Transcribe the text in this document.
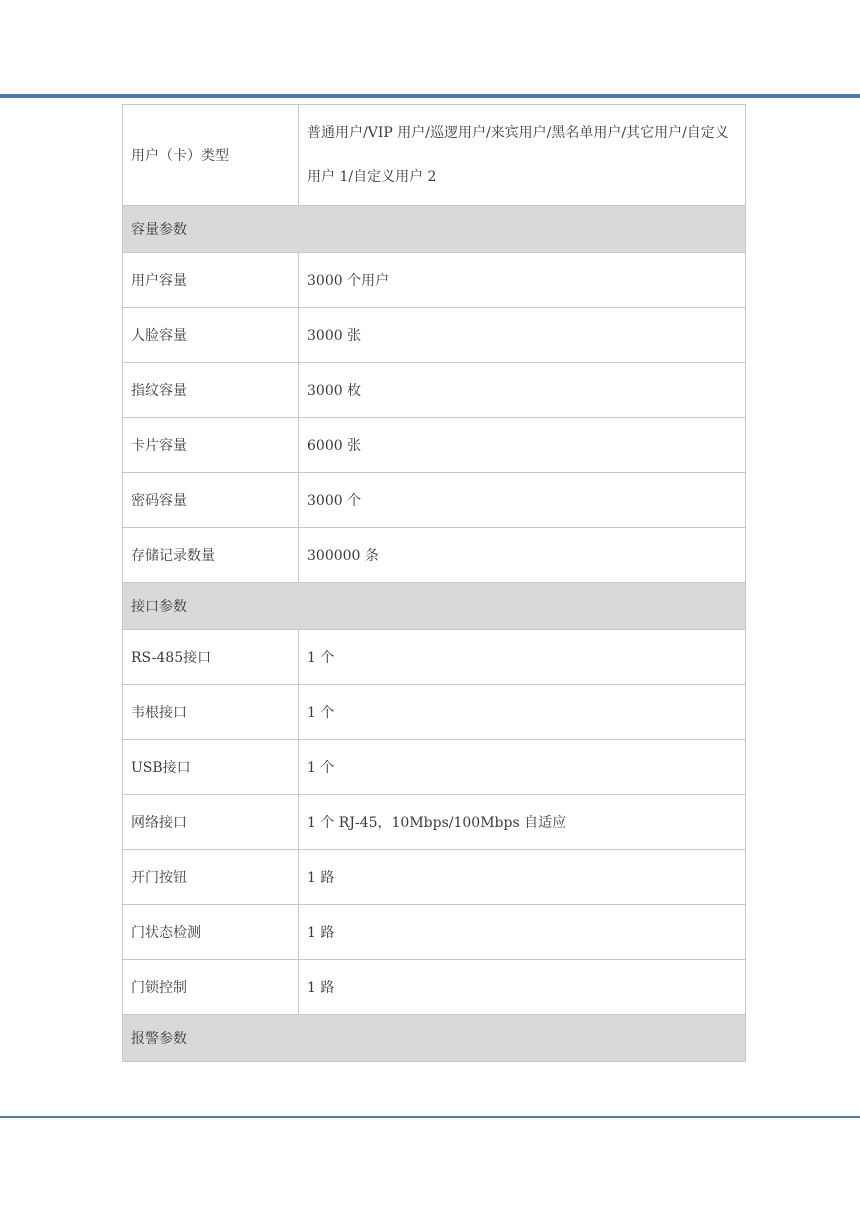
用户（卡）类型	普通用户/VIP 用户/巡逻用户/来宾用户/黑名单用户/其它用户/自定义用户 1/自定义用户 2
容量参数	
用户容量	3000 个用户
人脸容量	3000 张
指纹容量	3000 枚
卡片容量	6000 张
密码容量	3000 个
存储记录数量	300000 条
接口参数	
RS-485接口	1 个
韦根接口	1 个
USB接口	1 个
网络接口	1 个 RJ-45，10Mbps/100Mbps 自适应
开门按钮	1 路
门状态检测	1 路
门锁控制	1 路
报警参数	
